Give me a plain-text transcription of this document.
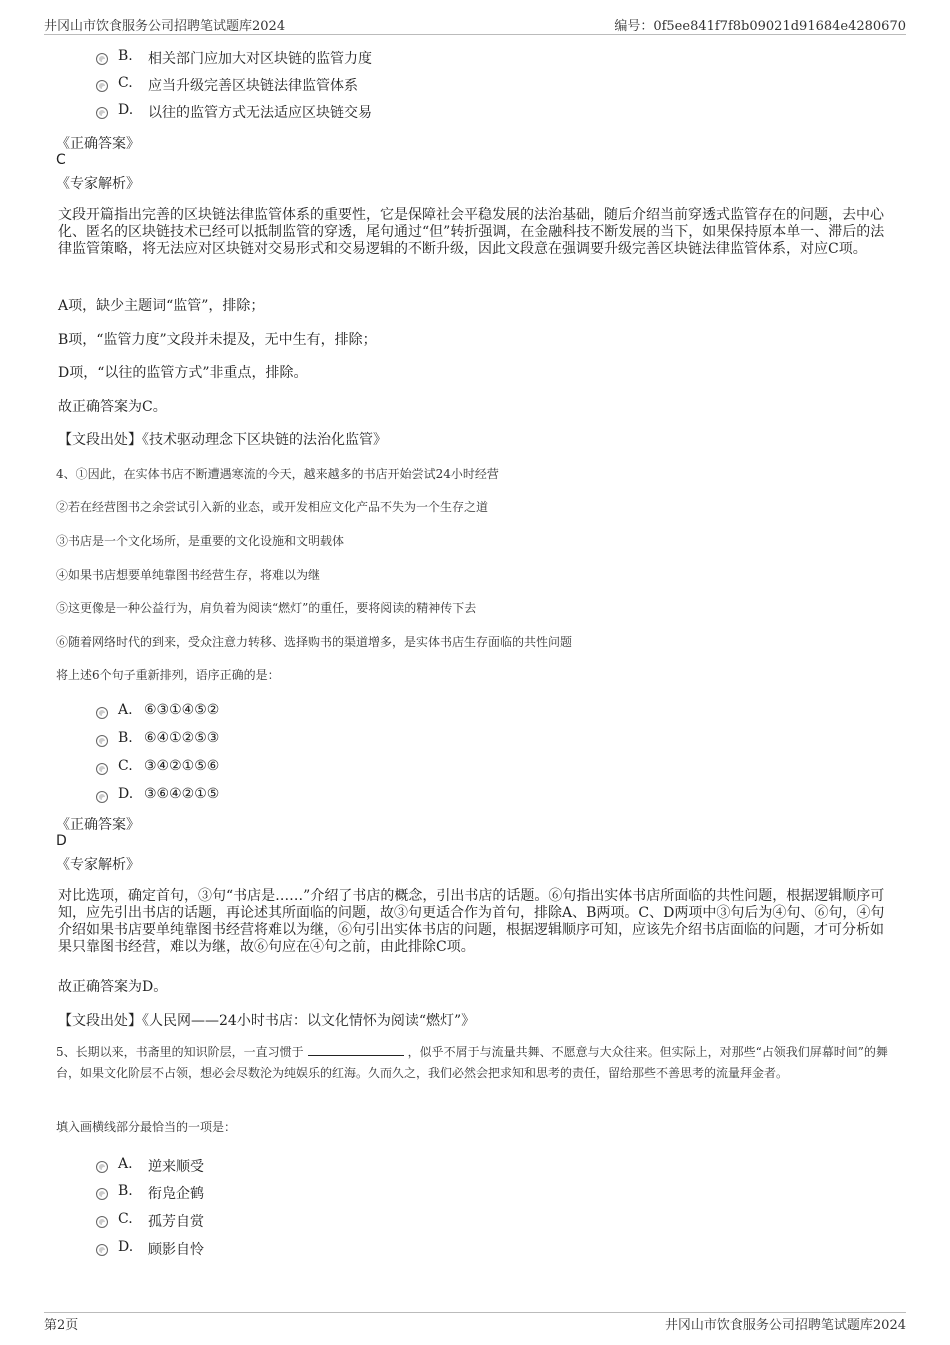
井冈山市饮食服务公司招聘笔试题库2024	编号：0f5ee841f7f8b09021d91684e4280670
B. 相关部门应加大对区块链的监管力度
C. 应当升级完善区块链法律监管体系
D. 以往的监管方式无法适应区块链交易
《正确答案》
C
《专家解析》
文段开篇指出完善的区块链法律监管体系的重要性，它是保障社会平稳发展的法治基础，随后介绍当前穿透式监管存在的问题，去中心化、匿名的区块链技术已经可以抵制监管的穿透，尾句通过“但”转折强调，在金融科技不断发展的当下，如果保持原本单一、滞后的法律监管策略，将无法应对区块链对交易形式和交易逻辑的不断升级，因此文段意在强调要升级完善区块链法律监管体系，对应C项。
A项，缺少主题词“监管”，排除；
B项，“监管力度”文段并未提及，无中生有，排除；
D项，“以往的监管方式”非重点，排除。
故正确答案为C。
【文段出处】《技术驱动理念下区块链的法治化监管》
4、①因此，在实体书店不断遭遇寒流的今天，越来越多的书店开始尝试24小时经营
②若在经营图书之余尝试引入新的业态，或开发相应文化产品不失为一个生存之道
③书店是一个文化场所，是重要的文化设施和文明载体
④如果书店想要单纯靠图书经营生存，将难以为继
⑤这更像是一种公益行为，肩负着为阅读“燃灯”的重任，要将阅读的精神传下去
⑥随着网络时代的到来，受众注意力转移、选择购书的渠道增多，是实体书店生存面临的共性问题
将上述6个句子重新排列，语序正确的是：
A. ⑥③①④⑤②
B. ⑥④①②⑤③
C. ③④②①⑤⑥
D. ③⑥④②①⑤
《正确答案》
D
《专家解析》
对比选项，确定首句，③句“书店是……”介绍了书店的概念，引出书店的话题。⑥句指出实体书店所面临的共性问题，根据逻辑顺序可知，应先引出书店的话题，再论述其所面临的问题，故③句更适合作为首句，排除A、B两项。C、D两项中③句后为④句、⑥句，④句介绍如果书店要单纯靠图书经营将难以为继，⑥句引出实体书店的问题，根据逻辑顺序可知，应该先介绍书店面临的问题，才可分析如果只靠图书经营，难以为继，故⑥句应在④句之前，由此排除C项。
故正确答案为D。
【文段出处】《人民网——24小时书店：以文化情怀为阅读“燃灯”》
5、长期以来，书斋里的知识阶层，一直习惯于	，似乎不屑于与流量共舞、不愿意与大众往来。但实际上，对那些“占领我们屏幕时间”的舞台，如果文化阶层不占领，想必会尽数沦为纯娱乐的红海。久而久之，我们必然会把求知和思考的责任，留给那些不善思考的流量拜金者。
填入画横线部分最恰当的一项是：
A. 逆来顺受
B. 衔凫企鹤
C. 孤芳自赏
D. 顾影自怜
第2页	井冈山市饮食服务公司招聘笔试题库2024
